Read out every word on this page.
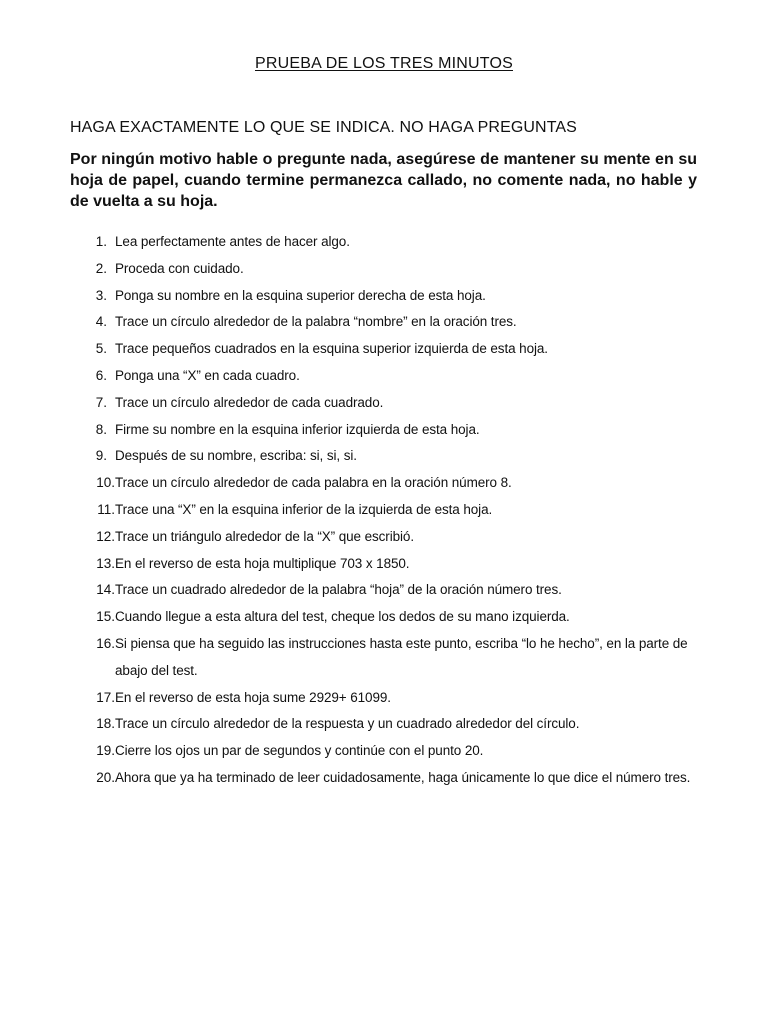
PRUEBA DE LOS TRES MINUTOS
HAGA EXACTAMENTE LO QUE SE INDICA. NO HAGA PREGUNTAS
Por ningún motivo hable o pregunte nada, asegúrese de mantener su mente en su hoja de papel, cuando termine permanezca callado, no comente nada, no hable y de vuelta a su hoja.
1. Lea perfectamente antes de hacer algo.
2. Proceda con cuidado.
3. Ponga su nombre en la esquina superior derecha de esta hoja.
4. Trace un círculo alrededor de la palabra “nombre” en la oración tres.
5. Trace pequeños cuadrados en la esquina superior izquierda de esta hoja.
6. Ponga una “X” en cada cuadro.
7. Trace un círculo alrededor de cada cuadrado.
8. Firme su nombre en la esquina inferior izquierda de esta hoja.
9. Después de su nombre, escriba: si, si, si.
10. Trace un círculo alrededor de cada palabra en la oración número 8.
11. Trace una “X” en la esquina inferior de la izquierda de esta hoja.
12. Trace un triángulo alrededor de la “X” que escribió.
13. En el reverso de esta hoja multiplique 703 x 1850.
14. Trace un cuadrado alrededor de la palabra “hoja” de la oración número tres.
15. Cuando llegue a esta altura del test, cheque los dedos de su mano izquierda.
16. Si piensa que ha seguido las instrucciones hasta este punto, escriba “lo he hecho”, en la parte de abajo del test.
17. En el reverso de esta hoja sume 2929+ 61099.
18. Trace un círculo alrededor de la respuesta y un cuadrado alrededor del círculo.
19. Cierre los ojos un par de segundos y continúe con el punto 20.
20. Ahora que ya ha terminado de leer cuidadosamente, haga únicamente lo que dice el número tres.
